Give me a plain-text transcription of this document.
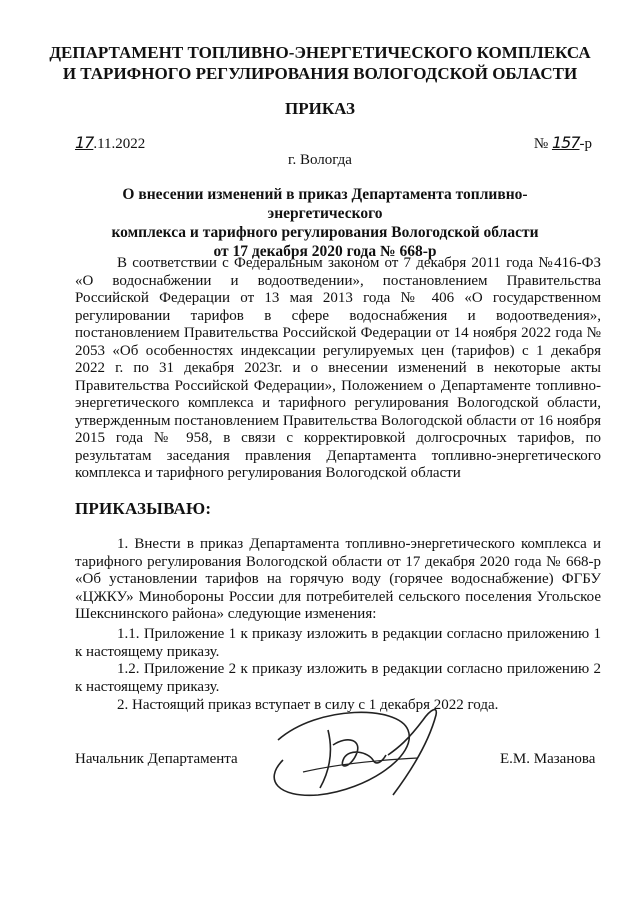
ДЕПАРТАМЕНТ ТОПЛИВНО-ЭНЕРГЕТИЧЕСКОГО КОМПЛЕКСА
И ТАРИФНОГО РЕГУЛИРОВАНИЯ ВОЛОГОДСКОЙ ОБЛАСТИ
ПРИКАЗ
17.11.2022	№ 157-р
г. Вологда
О внесении изменений в приказ Департамента топливно-энергетического
комплекса и тарифного регулирования Вологодской области
от 17 декабря 2020 года № 668-р

В соответствии с Федеральным законом от 7 декабря 2011 года №416-ФЗ «О водоснабжении и водоотведении», постановлением Правительства Российской Федерации от 13 мая 2013 года № 406 «О государственном регулировании тарифов в сфере водоснабжения и водоотведения», постановлением Правительства Российской Федерации от 14 ноября 2022 года № 2053 «Об особенностях индексации регулируемых цен (тарифов) с 1 декабря 2022 г. по 31 декабря 2023г. и о внесении изменений в некоторые акты Правительства Российской Федерации», Положением о Департаменте топливно-энергетического комплекса и тарифного регулирования Вологодской области, утвержденным постановлением Правительства Вологодской области от 16 ноября 2015 года № 958, в связи с корректировкой долгосрочных тарифов, по результатам заседания правления Департамента топливно-энергетического комплекса и тарифного регулирования Вологодской области

ПРИКАЗЫВАЮ:

1. Внести в приказ Департамента топливно-энергетического комплекса и тарифного регулирования Вологодской области от 17 декабря 2020 года № 668-р «Об установлении тарифов на горячую воду (горячее водоснабжение) ФГБУ «ЦЖКУ» Минобороны России для потребителей сельского поселения Угольское Шекснинского района» следующие изменения:

1.1. Приложение 1 к приказу изложить в редакции согласно приложению 1 к настоящему приказу.

1.2. Приложение 2 к приказу изложить в редакции согласно приложению 2 к настоящему приказу.

2. Настоящий приказ вступает в силу с 1 декабря 2022 года.

Начальник Департамента	Е.М. Мазанова
